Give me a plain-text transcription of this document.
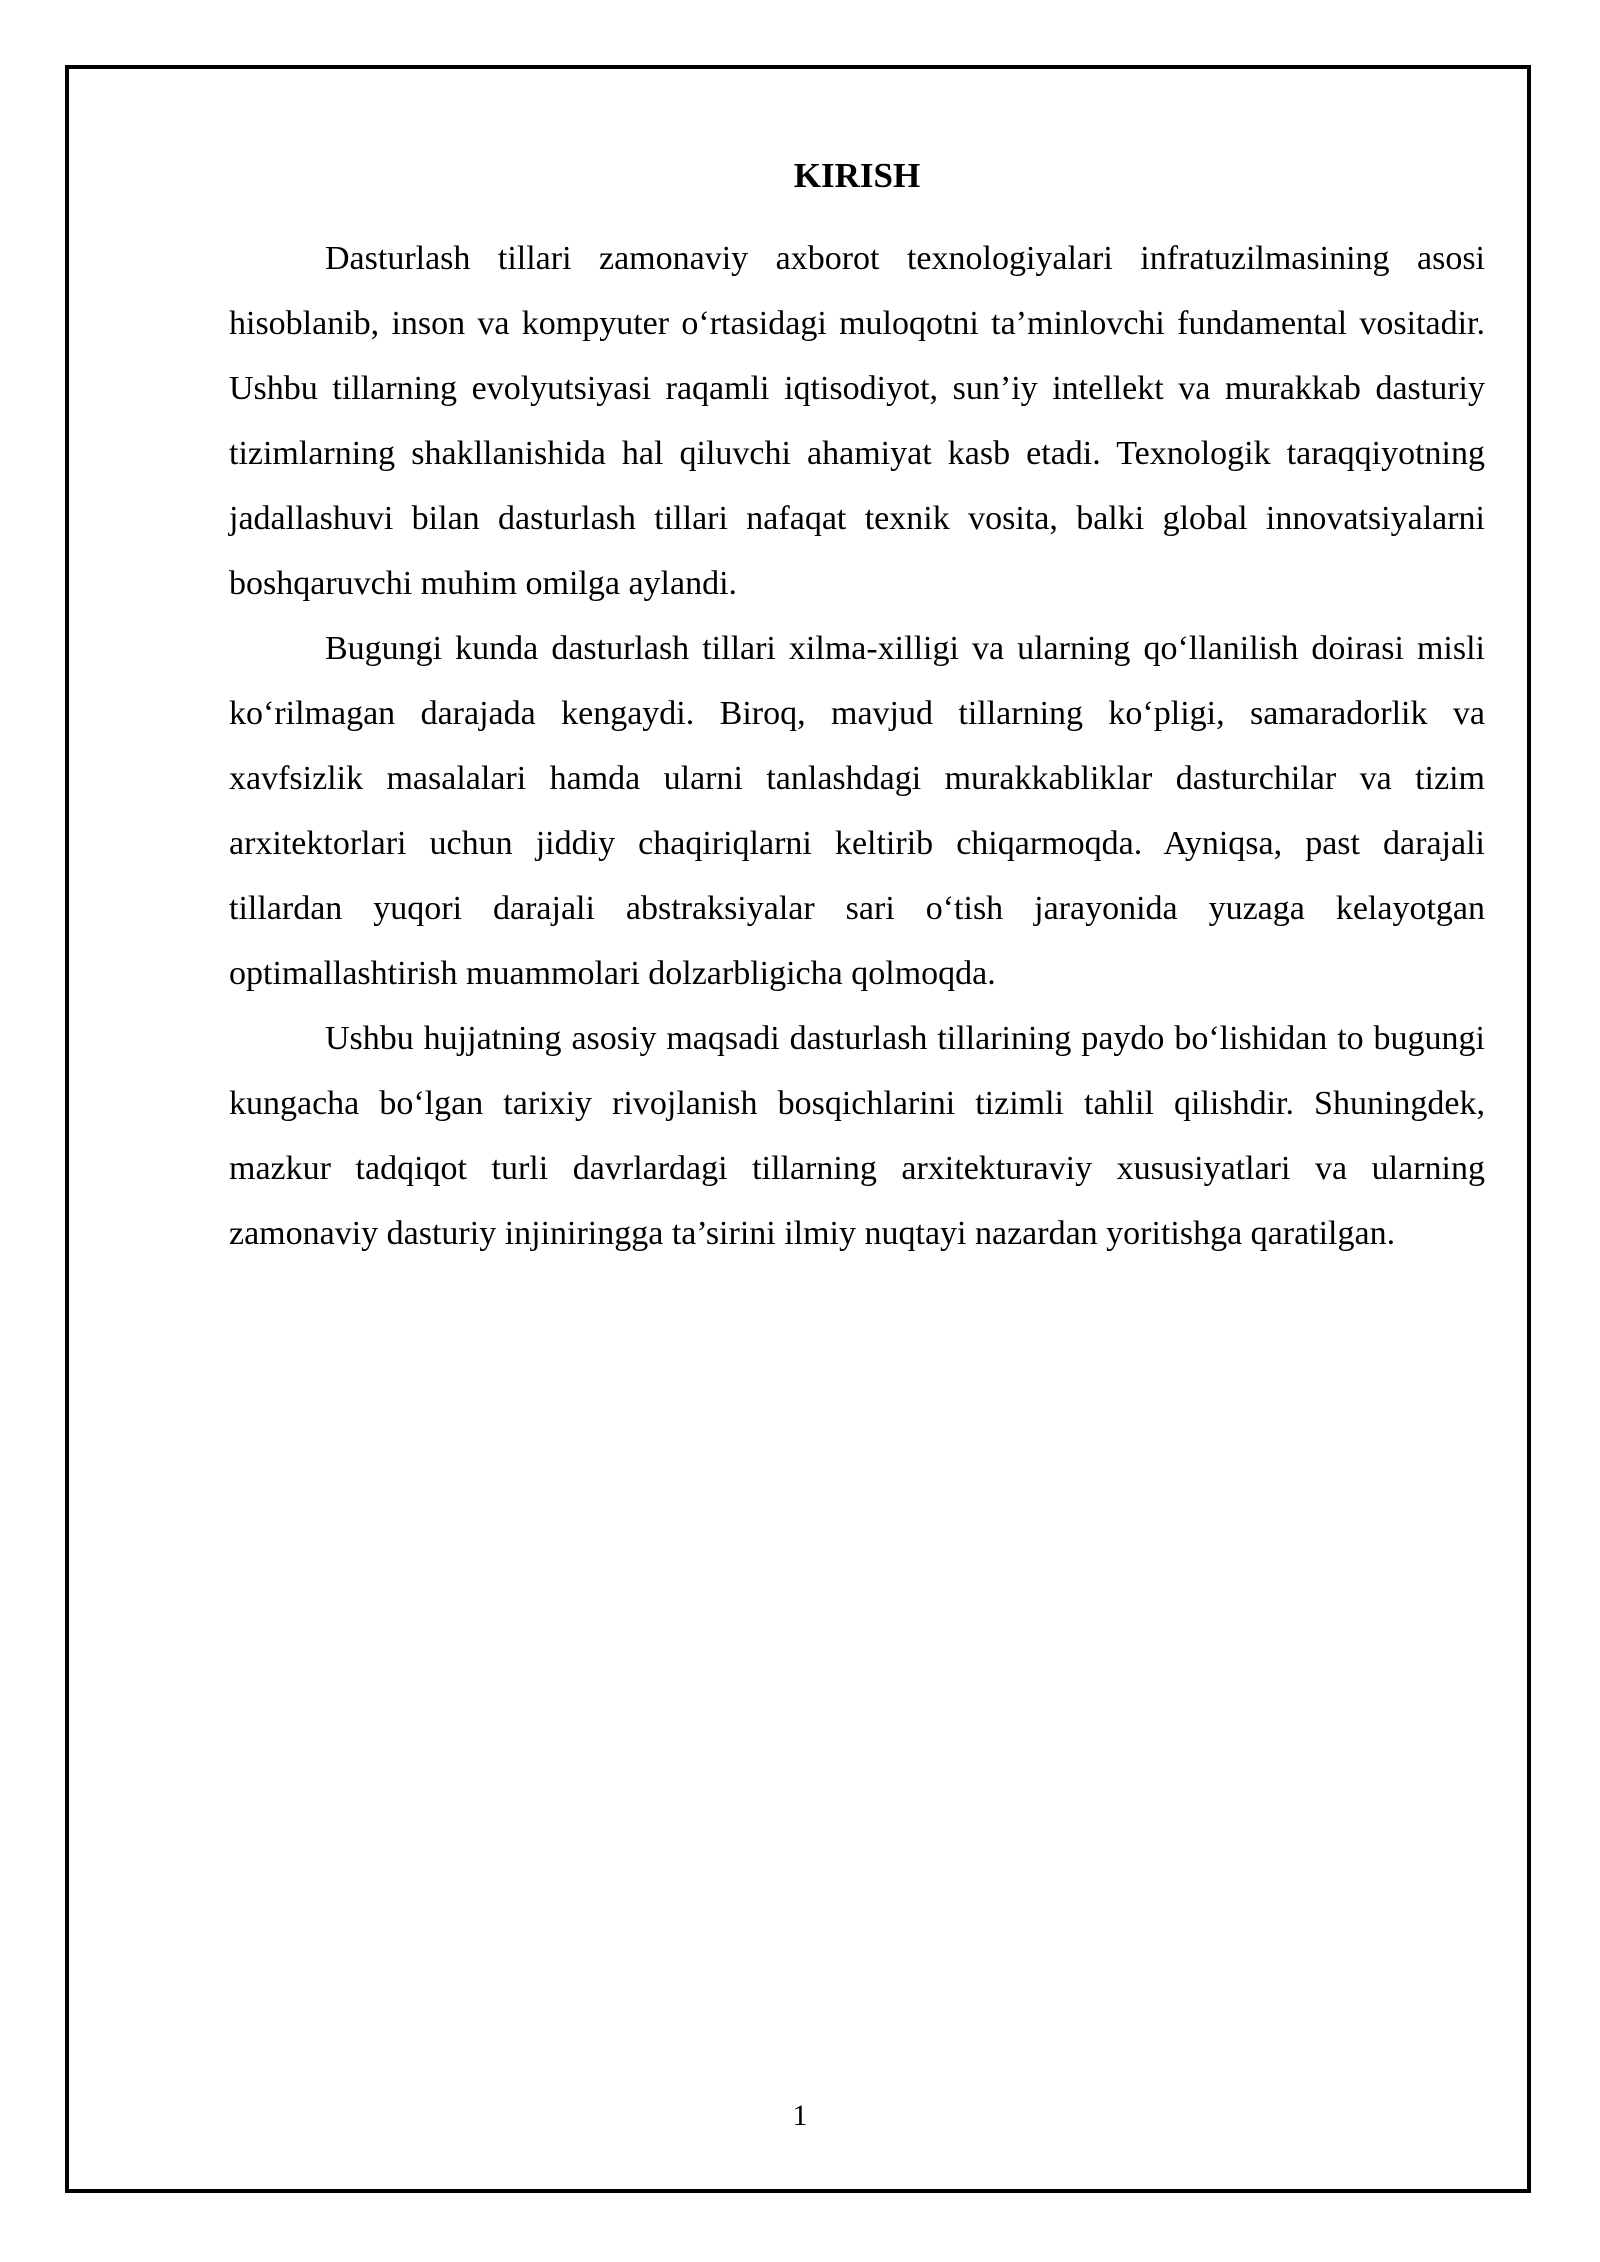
KIRISH

Dasturlash tillari zamonaviy axborot texnologiyalari infratuzilmasining asosi hisoblanib, inson va kompyuter o‘rtasidagi muloqotni ta’minlovchi fundamental vositadir. Ushbu tillarning evolyutsiyasi raqamli iqtisodiyot, sun’iy intellekt va murakkab dasturiy tizimlarning shakllanishida hal qiluvchi ahamiyat kasb etadi. Texnologik taraqqiyotning jadallashuvi bilan dasturlash tillari nafaqat texnik vosita, balki global innovatsiyalarni boshqaruvchi muhim omilga aylandi.

Bugungi kunda dasturlash tillari xilma-xilligi va ularning qo‘llanilish doirasi misli ko‘rilmagan darajada kengaydi. Biroq, mavjud tillarning ko‘pligi, samaradorlik va xavfsizlik masalalari hamda ularni tanlashdagi murakkabliklar dasturchilar va tizim arxitektorlari uchun jiddiy chaqiriqlarni keltirib chiqarmoqda. Ayniqsa, past darajali tillardan yuqori darajali abstraksiyalar sari o‘tish jarayonida yuzaga kelayotgan optimallashtirish muammolari dolzarbligicha qolmoqda.

Ushbu hujjatning asosiy maqsadi dasturlash tillarining paydo bo‘lishidan to bugungi kungacha bo‘lgan tarixiy rivojlanish bosqichlarini tizimli tahlil qilishdir. Shuningdek, mazkur tadqiqot turli davrlardagi tillarning arxitekturaviy xususiyatlari va ularning zamonaviy dasturiy injiniringga ta’sirini ilmiy nuqtayi nazardan yoritishga qaratilgan.

1
